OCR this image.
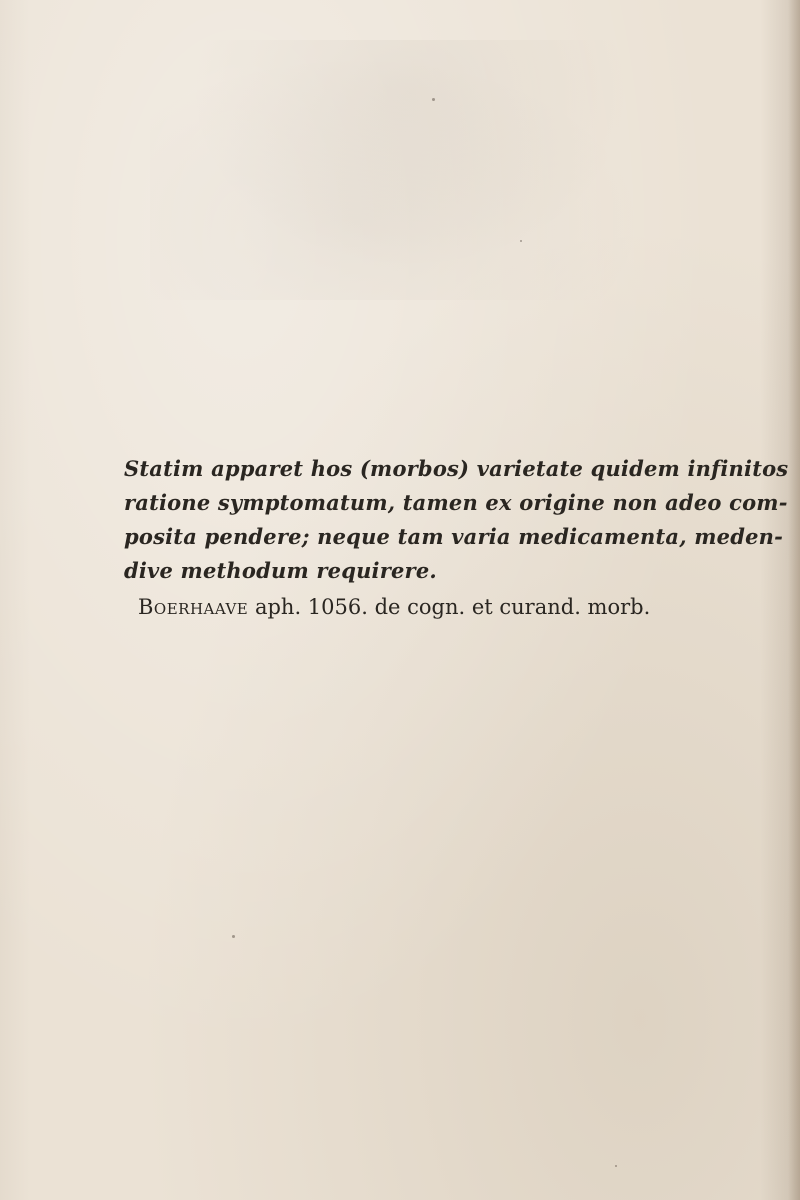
Statim apparet hos (morbos) varietate quidem infinitos
ratione symptomatum, tamen ex origine non adeo com-
posita pendere; neque tam varia medicamenta, meden-
dive methodum requirere.

Boerhaave aph. 1056. de cogn. et curand. morb.
